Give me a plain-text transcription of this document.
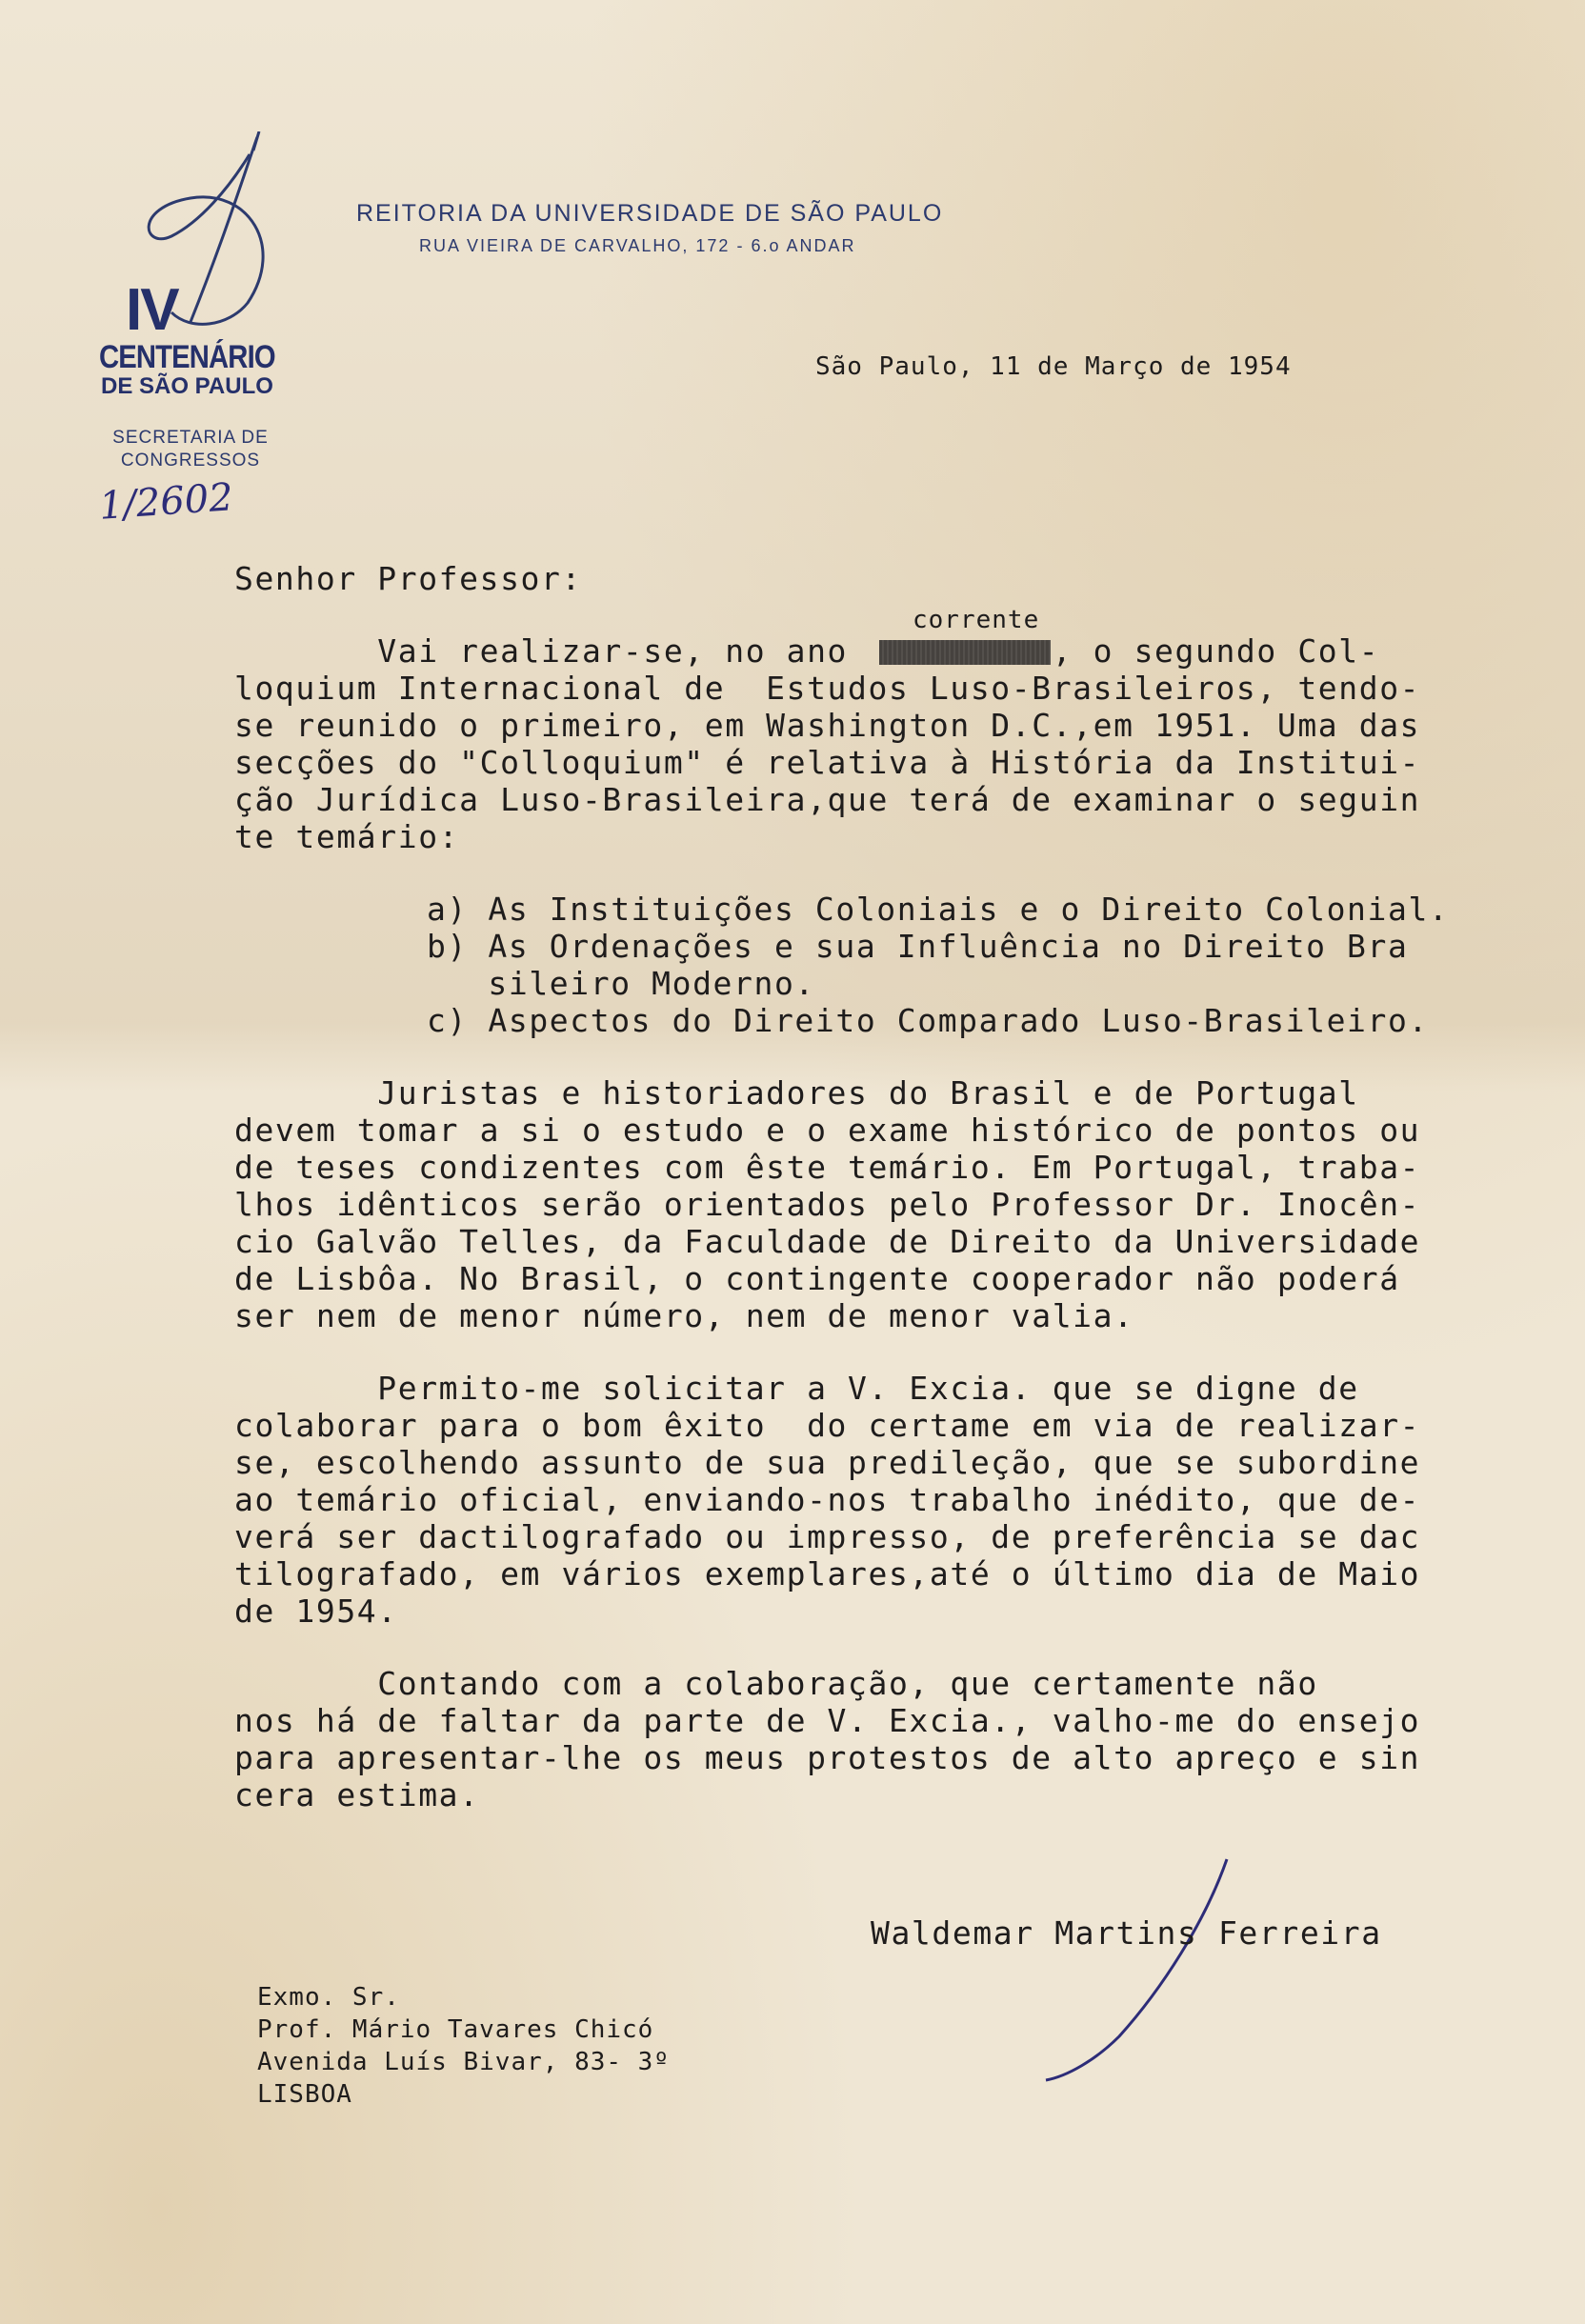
IV
CENTENÁRIO
DE SÃO PAULO
SECRETARIA DE
CONGRESSOS
1/2602
REITORIA DA UNIVERSIDADE DE SÃO PAULO
RUA VIEIRA DE CARVALHO, 172 - 6.o ANDAR
São Paulo, 11 de Março de 1954
Senhor Professor:
corrente
Vai realizar-se, no ano          , o segundo Col-
loquium Internacional de  Estudos Luso-Brasileiros, tendo-
se reunido o primeiro, em Washington D.C.,em 1951. Uma das
secções do "Colloquium" é relativa à História da Institui-
ção Jurídica Luso-Brasileira,que terá de examinar o seguin
te temário:
a) As Instituições Coloniais e o Direito Colonial.
b) As Ordenações e sua Influência no Direito Bra
sileiro Moderno.
c) Aspectos do Direito Comparado Luso-Brasileiro.
Juristas e historiadores do Brasil e de Portugal
devem tomar a si o estudo e o exame histórico de pontos ou
de teses condizentes com êste temário. Em Portugal, traba-
lhos idênticos serão orientados pelo Professor Dr. Inocên-
cio Galvão Telles, da Faculdade de Direito da Universidade
de Lisbôa. No Brasil, o contingente cooperador não poderá
ser nem de menor número, nem de menor valia.
Permito-me solicitar a V. Excia. que se digne de
colaborar para o bom êxito  do certame em via de realizar-
se, escolhendo assunto de sua predileção, que se subordine
ao temário oficial, enviando-nos trabalho inédito, que de-
verá ser dactilografado ou impresso, de preferência se dac
tilografado, em vários exemplares,até o último dia de Maio
de 1954.
Contando com a colaboração, que certamente não
nos há de faltar da parte de V. Excia., valho-me do ensejo
para apresentar-lhe os meus protestos de alto apreço e sin
cera estima.
Waldemar Martins Ferreira
Exmo. Sr.
Prof. Mário Tavares Chicó
Avenida Luís Bivar, 83- 3º
LISBOA
